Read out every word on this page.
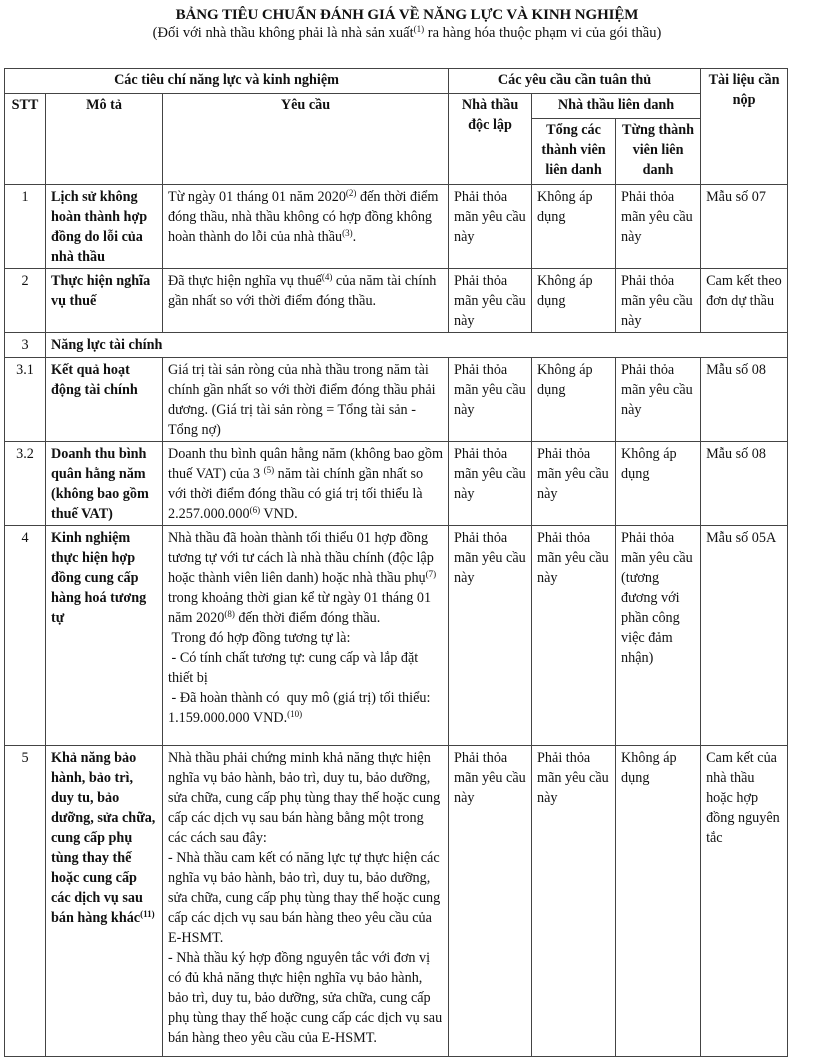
BẢNG TIÊU CHUẨN ĐÁNH GIÁ VỀ NĂNG LỰC VÀ KINH NGHIỆM
(Đối với nhà thầu không phải là nhà sản xuất$^{(1)}$ ra hàng hóa thuộc phạm vi của gói thầu)
Các tiêu chí năng lực và kinh nghiệm			Các yêu cầu cần tuân thủ			Tài liệu cần nộp
STT	Mô tả	Yêu cầu	Nhà thầu độc lập	Nhà thầu liên danh		
				Tổng các thành viên liên danh	Từng thành viên liên danh	
1	Lịch sử không hoàn thành hợp đồng do lỗi của nhà thầu	Từ ngày 01 tháng 01 năm 2020$^{(2)}$ đến thời điểm đóng thầu, nhà thầu không có hợp đồng không hoàn thành do lỗi của nhà thầu$^{(3)}$.	Phải thỏa mãn yêu cầu này	Không áp dụng	Phải thỏa mãn yêu cầu này	Mẫu số 07
2	Thực hiện nghĩa vụ thuế	Đã thực hiện nghĩa vụ thuế$^{(4)}$ của năm tài chính gần nhất so với thời điểm đóng thầu.	Phải thỏa mãn yêu cầu này	Không áp dụng	Phải thỏa mãn yêu cầu này	Cam kết theo đơn dự thầu
3	Năng lực tài chính					
3.1	Kết quả hoạt động tài chính	Giá trị tài sản ròng của nhà thầu trong năm tài chính gần nhất so với thời điểm đóng thầu phải dương. (Giá trị tài sản ròng = Tổng tài sản - Tổng nợ)	Phải thỏa mãn yêu cầu này	Không áp dụng	Phải thỏa mãn yêu cầu này	Mẫu số 08
3.2	Doanh thu bình quân hằng năm (không bao gồm thuế VAT)	Doanh thu bình quân hằng năm (không bao gồm thuế VAT) của 3 $^{(5)}$ năm tài chính gần nhất so với thời điểm đóng thầu có giá trị tối thiểu là 2.257.000.000$^{(6)}$ VND.	Phải thỏa mãn yêu cầu này	Phải thỏa mãn yêu cầu này	Không áp dụng	Mẫu số 08
4	Kinh nghiệm thực hiện hợp đồng cung cấp hàng hoá tương tự	Nhà thầu đã hoàn thành tối thiểu 01 hợp đồng tương tự với tư cách là nhà thầu chính (độc lập hoặc thành viên liên danh) hoặc nhà thầu phụ$^{(7)}$ trong khoảng thời gian kể từ ngày 01 tháng 01 năm 2020$^{(8)}$ đến thời điểm đóng thầu.
Trong đó hợp đồng tương tự là:
- Có tính chất tương tự: cung cấp và lắp đặt thiết bị
- Đã hoàn thành có  quy mô (giá trị) tối thiểu: 1.159.000.000 VND.$^{(10)}$	Phải thỏa mãn yêu cầu này	Phải thỏa mãn yêu cầu này	Phải thỏa mãn yêu cầu (tương đương với phần công việc đảm nhận)	Mẫu số 05A
5	Khả năng bảo hành, bảo trì, duy tu, bảo dưỡng, sửa chữa, cung cấp phụ tùng thay thế hoặc cung cấp các dịch vụ sau bán hàng khác$^{(11)}$	Nhà thầu phải chứng minh khả năng thực hiện nghĩa vụ bảo hành, bảo trì, duy tu, bảo dưỡng, sửa chữa, cung cấp phụ tùng thay thế hoặc cung cấp các dịch vụ sau bán hàng bằng một trong các cách sau đây:
- Nhà thầu cam kết có năng lực tự thực hiện các nghĩa vụ bảo hành, bảo trì, duy tu, bảo dưỡng, sửa chữa, cung cấp phụ tùng thay thế hoặc cung cấp các dịch vụ sau bán hàng theo yêu cầu của E-HSMT.
- Nhà thầu ký hợp đồng nguyên tắc với đơn vị có đủ khả năng thực hiện nghĩa vụ bảo hành, bảo trì, duy tu, bảo dưỡng, sửa chữa, cung cấp phụ tùng thay thế hoặc cung cấp các dịch vụ sau bán hàng theo yêu cầu của E-HSMT.	Phải thỏa mãn yêu cầu này	Phải thỏa mãn yêu cầu này	Không áp dụng	Cam kết của nhà thầu hoặc hợp đồng nguyên tắc
